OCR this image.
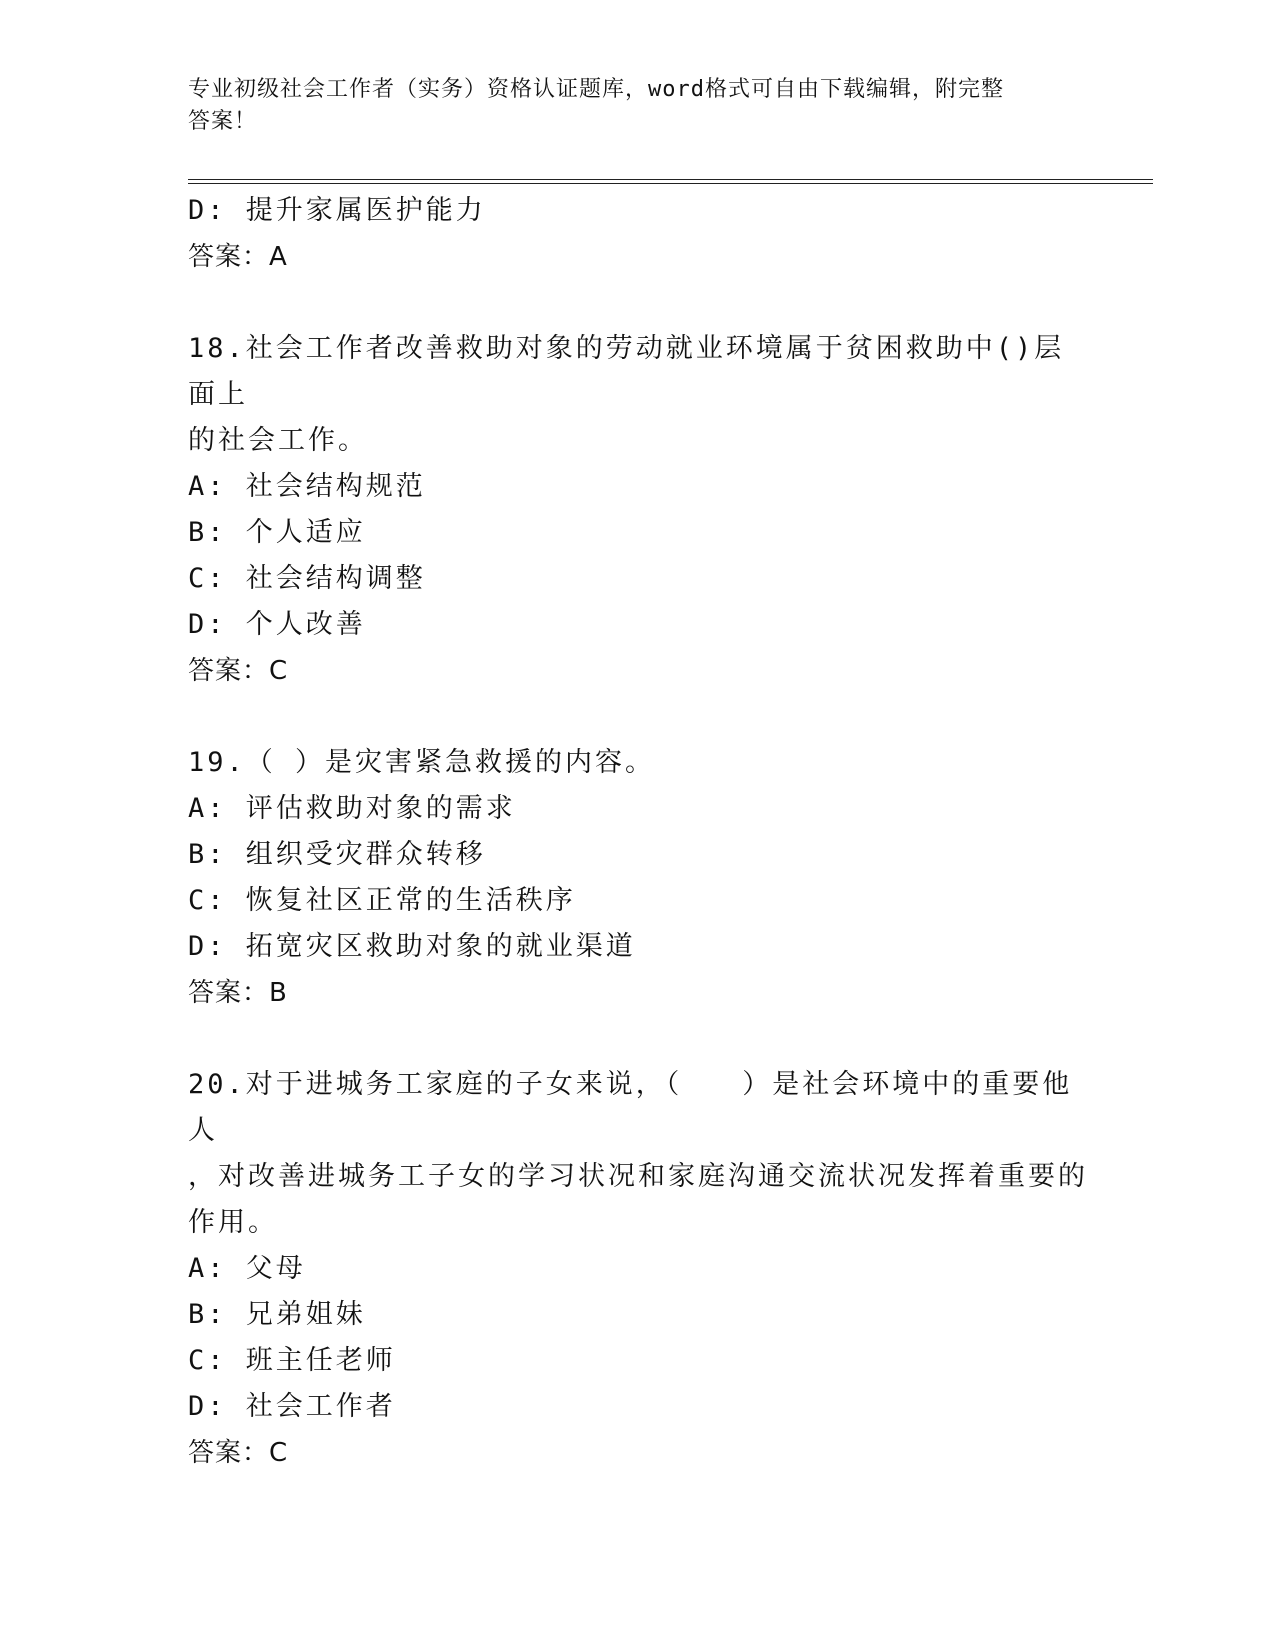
专业初级社会工作者（实务）资格认证题库，word格式可自由下载编辑，附完整
答案！
D: 提升家属医护能力
答案：A
18.社会工作者改善救助对象的劳动就业环境属于贫困救助中()层面上
的社会工作。
A: 社会结构规范
B: 个人适应
C: 社会结构调整
D: 个人改善
答案：C
19.（ ）是灾害紧急救援的内容。
A: 评估救助对象的需求
B: 组织受灾群众转移
C: 恢复社区正常的生活秩序
D: 拓宽灾区救助对象的就业渠道
答案：B
20.对于进城务工家庭的子女来说，（　　）是社会环境中的重要他人
，对改善进城务工子女的学习状况和家庭沟通交流状况发挥着重要的
作用。
A: 父母
B: 兄弟姐妹
C: 班主任老师
D: 社会工作者
答案：C
